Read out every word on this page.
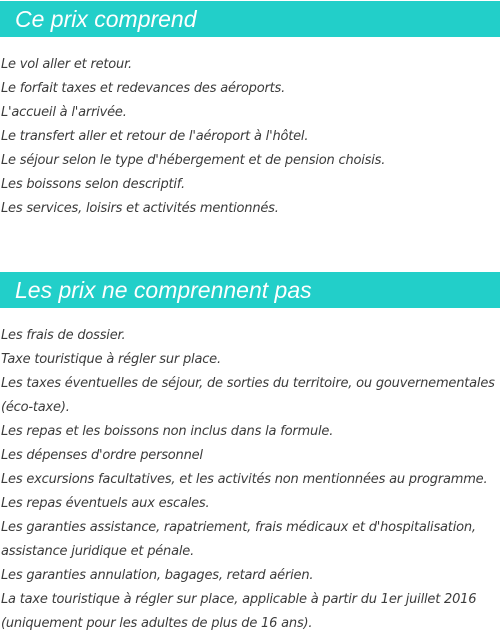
Ce prix comprend
Le vol aller et retour.
Le forfait taxes et redevances des aéroports.
L'accueil à l'arrivée.
Le transfert aller et retour de l'aéroport à l'hôtel.
Le séjour selon le type d'hébergement et de pension choisis.
Les boissons selon descriptif.
Les services, loisirs et activités mentionnés.
Les prix ne comprennent pas
Les frais de dossier.
Taxe touristique à régler sur place.
Les taxes éventuelles de séjour, de sorties du territoire, ou gouvernementales (éco-taxe).
Les repas et les boissons non inclus dans la formule.
Les dépenses d'ordre personnel
Les excursions facultatives, et les activités non mentionnées au programme.
Les repas éventuels aux escales.
Les garanties assistance, rapatriement, frais médicaux et d'hospitalisation, assistance juridique et pénale.
Les garanties annulation, bagages, retard aérien.
La taxe touristique à régler sur place, applicable à partir du 1er juillet 2016 (uniquement pour les adultes de plus de 16 ans).
